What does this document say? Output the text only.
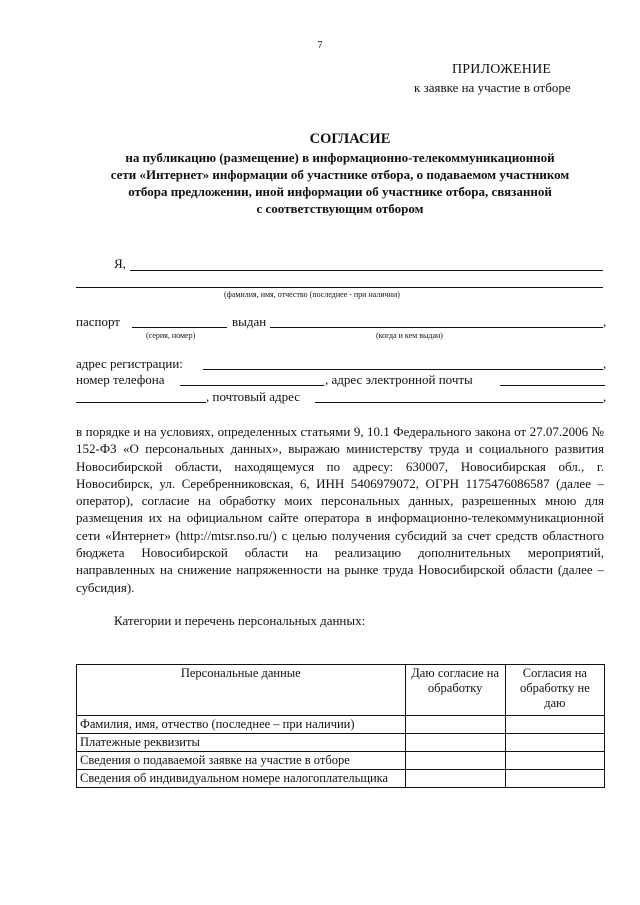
7
ПРИЛОЖЕНИЕ
к заявке на участие в отборе
СОГЛАСИЕ
на публикацию (размещение) в информационно-телекоммуникационной
сети «Интернет» информации об участнике отбора, о подаваемом участником
отбора предложении, иной информации об участнике отбора, связанной
с соответствующим отбором
Я,
(фамилия, имя, отчество (последнее - при наличии)
паспорт	выдан	,
(серия, номер)	(когда и кем выдан)
адрес регистрации:	,
номер телефона	, адрес электронной почты
, почтовый адрес	,

в порядке и на условиях, определенных статьями 9, 10.1 Федерального закона от 27.07.2006 № 152-ФЗ «О персональных данных», выражаю министерству труда и социального развития Новосибирской области, находящемуся по адресу: 630007, Новосибирская обл., г. Новосибирск, ул. Серебренниковская, 6, ИНН 5406979072, ОГРН 1175476086587 (далее – оператор), согласие на обработку моих персональных данных, разрешенных мною для размещения их на официальном сайте оператора в информационно-телекоммуникационной сети «Интернет» (http://mtsr.nso.ru/) с целью получения субсидий за счет средств областного бюджета Новосибирской области на реализацию дополнительных мероприятий, направленных на снижение напряженности на рынке труда Новосибирской области (далее – субсидия).

Категории и перечень персональных данных:

Персональные данные	Даю согласие на обработку	Согласия на обработку не даю
Фамилия, имя, отчество (последнее – при наличии)		
Платежные реквизиты		
Сведения о подаваемой заявке на участие в отборе		
Сведения об индивидуальном номере налогоплательщика		
